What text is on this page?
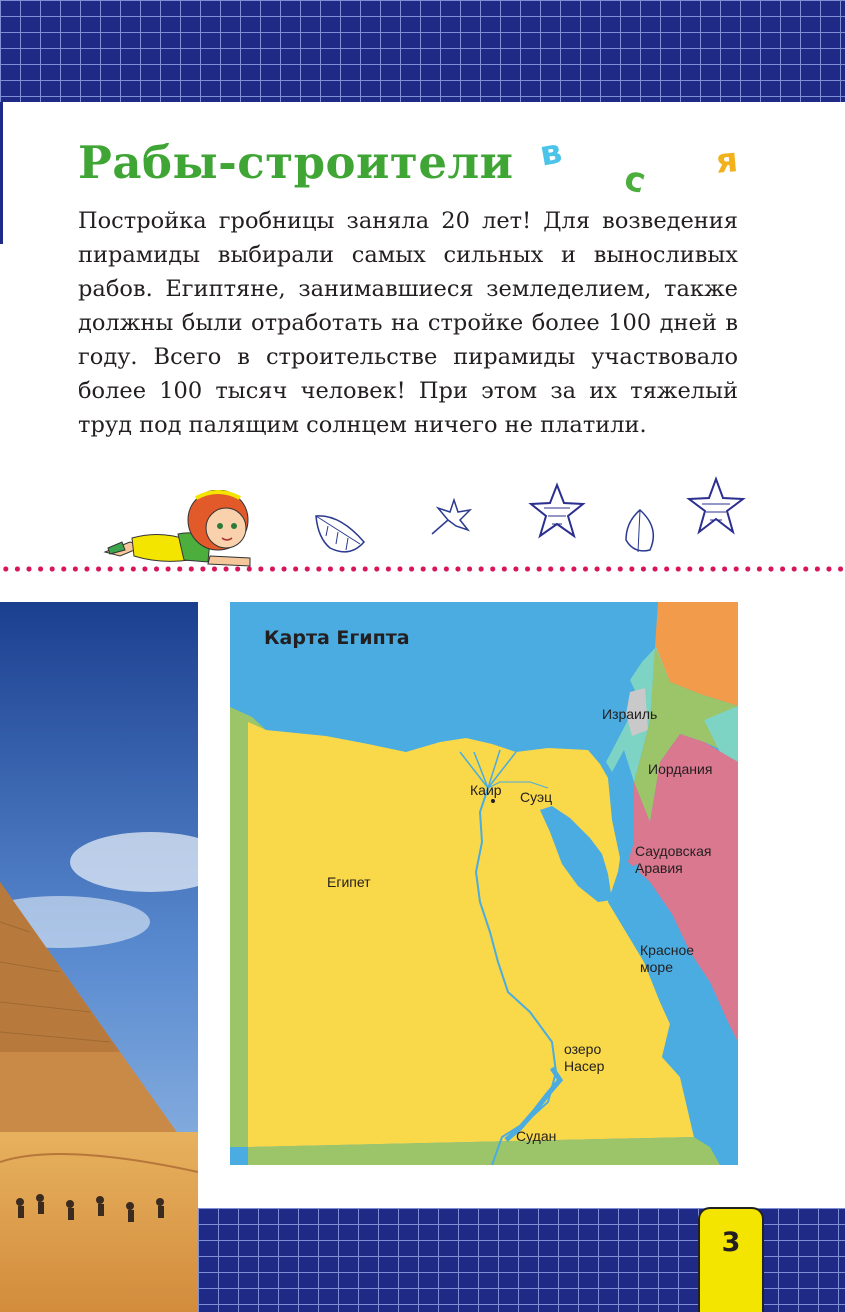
Рабы-строители в
с я

Постройка гробницы заняла 20 лет! Для возведения пирамиды выбирали самых сильных и выносливых рабов. Египтяне, занимавшиеся земледелием, также должны были отработать на стройке более 100 дней в году. Всего в строительстве пирамиды участвовало более 100 тысяч человек! При этом за их тяжелый труд под палящим солнцем ничего не платили.

Карта Египта
Израиль
Иордания
Каир Суэц
Саудовская
Аравия
Египет
Красное
море
озеро
Насер
Судан
3
